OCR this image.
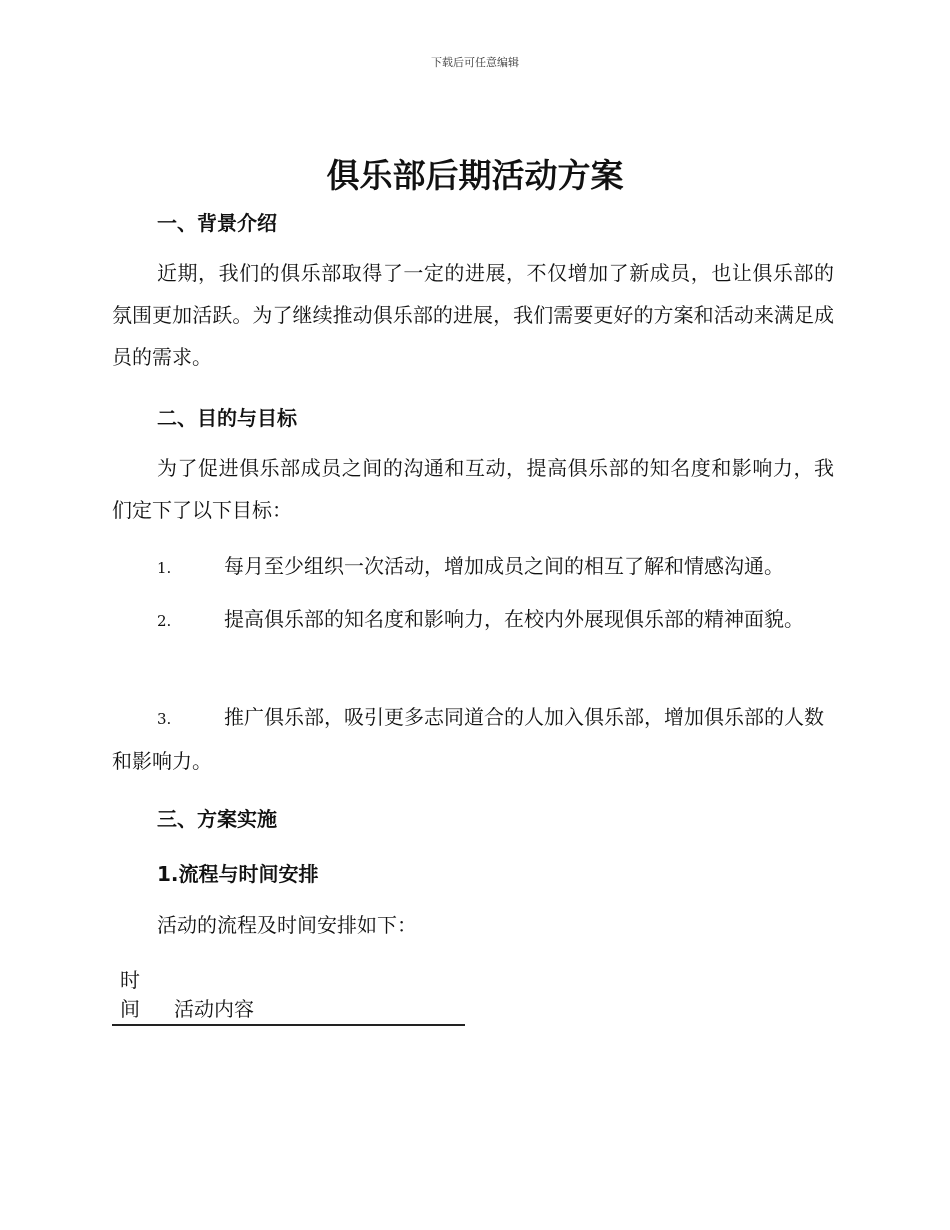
下载后可任意编辑
俱乐部后期活动方案
一、背景介绍
近期，我们的俱乐部取得了一定的进展，不仅增加了新成员，也让俱乐部的氛围更加活跃。为了继续推动俱乐部的进展，我们需要更好的方案和活动来满足成员的需求。
二、目的与目标
为了促进俱乐部成员之间的沟通和互动，提高俱乐部的知名度和影响力，我们定下了以下目标：
1.	每月至少组织一次活动，增加成员之间的相互了解和情感沟通。
2.	提高俱乐部的知名度和影响力，在校内外展现俱乐部的精神面貌。
3.	推广俱乐部，吸引更多志同道合的人加入俱乐部，增加俱乐部的人数和影响力。
三、方案实施
1.流程与时间安排
活动的流程及时间安排如下：
时间	活动内容
